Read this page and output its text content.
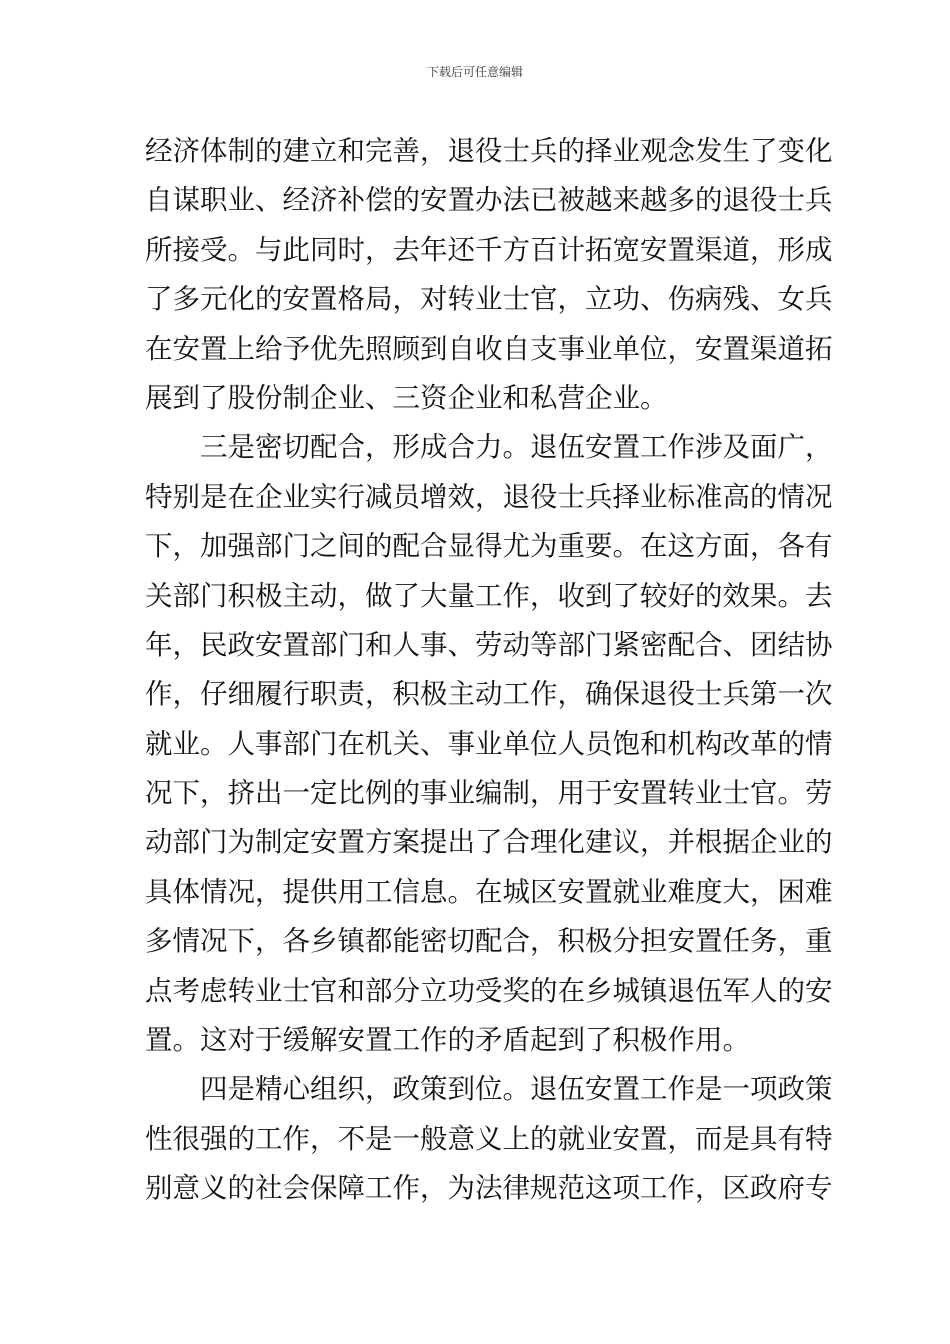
下载后可任意编辑
经济体制的建立和完善，退役士兵的择业观念发生了变化
自谋职业、经济补偿的安置办法已被越来越多的退役士兵
所接受。与此同时，去年还千方百计拓宽安置渠道，形成
了多元化的安置格局，对转业士官，立功、伤病残、女兵
在安置上给予优先照顾到自收自支事业单位，安置渠道拓
展到了股份制企业、三资企业和私营企业。
三是密切配合，形成合力。退伍安置工作涉及面广，
特别是在企业实行减员增效，退役士兵择业标准高的情况
下，加强部门之间的配合显得尤为重要。在这方面，各有
关部门积极主动，做了大量工作，收到了较好的效果。去
年，民政安置部门和人事、劳动等部门紧密配合、团结协
作，仔细履行职责，积极主动工作，确保退役士兵第一次
就业。人事部门在机关、事业单位人员饱和机构改革的情
况下，挤出一定比例的事业编制，用于安置转业士官。劳
动部门为制定安置方案提出了合理化建议，并根据企业的
具体情况，提供用工信息。在城区安置就业难度大，困难
多情况下，各乡镇都能密切配合，积极分担安置任务，重
点考虑转业士官和部分立功受奖的在乡城镇退伍军人的安
置。这对于缓解安置工作的矛盾起到了积极作用。
四是精心组织，政策到位。退伍安置工作是一项政策
性很强的工作，不是一般意义上的就业安置，而是具有特
别意义的社会保障工作，为法律规范这项工作，区政府专
